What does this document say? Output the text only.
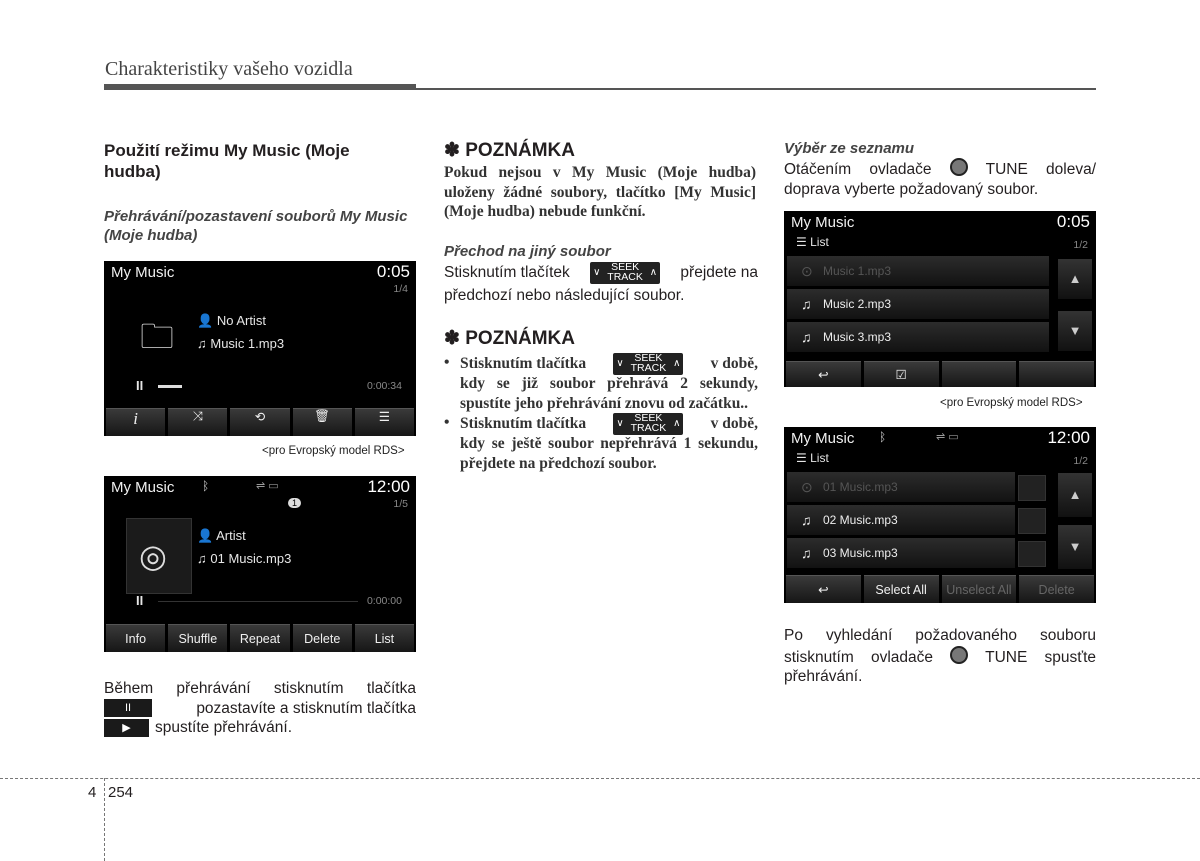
Charakteristiky vašeho vozidla
Použití režimu My Music (Moje hudba)
Přehrávání/pozastavení souborů My Music (Moje hudba)
My Music	0:05
1/4
🗀 👤 No Artist
♫ Music 1.mp3
II	0:00:34
i	⤨	⟲	🗑	☰
<pro Evropský model RDS>
My Music ᛒ	⇌ ▭	12:00
1	1/5
◎
👤 Artist
♫ 01 Music.mp3
II	0:00:00
Info	Shuffle	Repeat	Delete	List
Během přehrávání stisknutím tlačítka
II	pozastavíte a stisknutím tlačítka
▶	spustíte přehrávání.
✽ POZNÁMKA
Pokud nejsou v My Music (Moje hudba) uloženy žádné soubory, tlačítko [My Music] (Moje hudba) nebude funkční.
Přechod na jiný soubor
Stisknutím tlačítek ∨ SEEK
TRACK ∧ přejdete na
předchozí nebo následující soubor.
✽ POZNÁMKA
• Stisknutím tlačítka	∨ SEEK
TRACK ∧ v době,
kdy se již soubor přehrává 2 sekundy, spustíte jeho přehrávání znovu od začátku..
• Stisknutím tlačítka	∨ SEEK
TRACK ∧ v době,
kdy se ještě soubor nepřehrává 1 sekundu, přejdete na předchozí soubor.
Výběr ze seznamu
Otáčením ovladače	TUNE doleva/ doprava vyberte požadovaný soubor.
My Music	0:05
☰ List	1/2
⊙ Music 1.mp3
♫ Music 2.mp3
♫ Music 3.mp3
▲
▼
↩	☑
<pro Evropský model RDS>
My Music ᛒ	⇌ ▭	12:00
☰ List	1/2
⊙ 01 Music.mp3
♫ 02 Music.mp3
♫ 03 Music.mp3
▲
▼
↩	Select All	Unselect All	Delete
Po vyhledání požadovaného souboru stisknutím ovladače	TUNE spusťte přehrávání.
4 254
